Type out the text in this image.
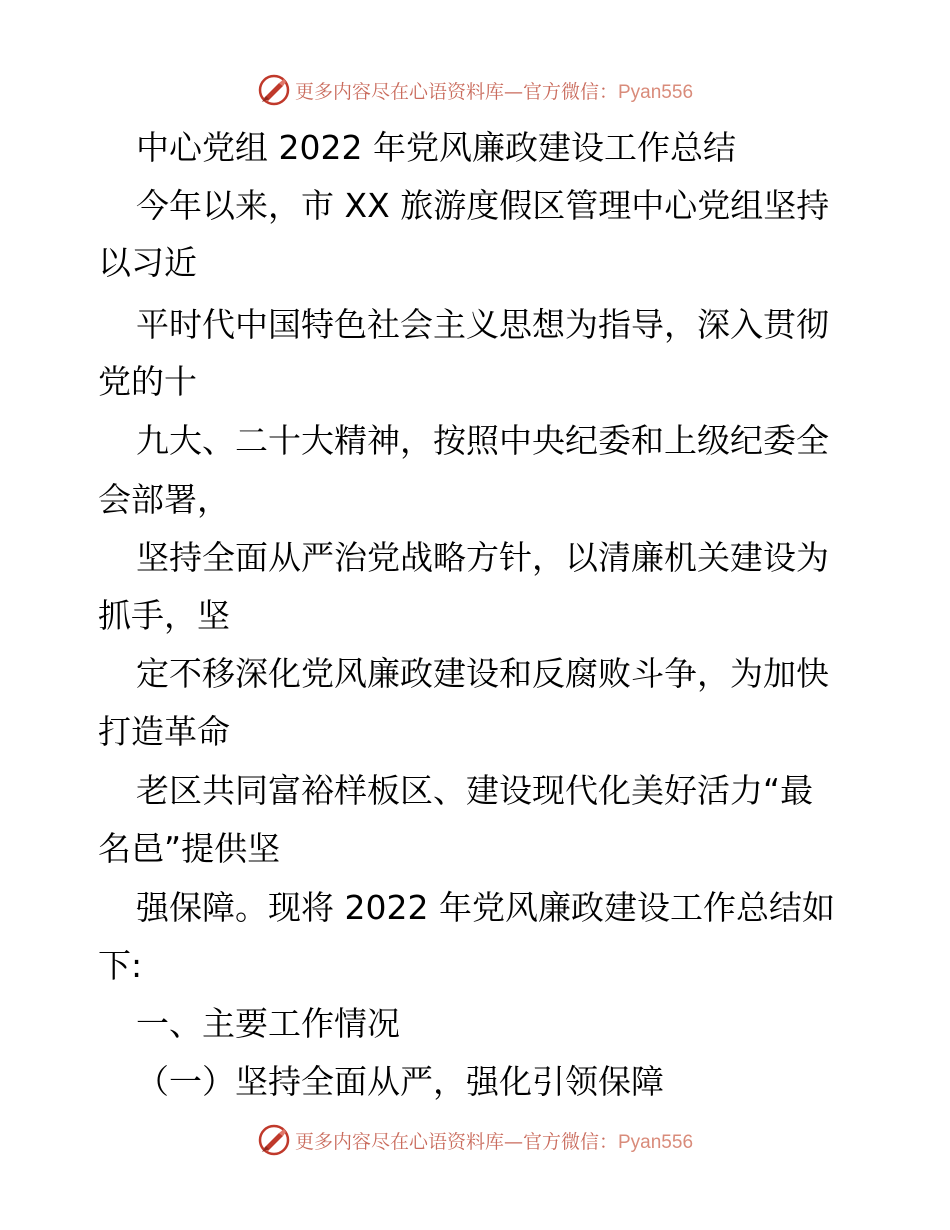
更多内容尽在心语资料库—官方微信：Pyan556
中心党组 2022 年党风廉政建设工作总结
今年以来，市 XX 旅游度假区管理中心党组坚持
以习近
平时代中国特色社会主义思想为指导，深入贯彻
党的十
九大、二十大精神，按照中央纪委和上级纪委全
会部署，
坚持全面从严治党战略方针，以清廉机关建设为
抓手，坚
定不移深化党风廉政建设和反腐败斗争，为加快
打造革命
老区共同富裕样板区、建设现代化美好活力“最
名邑”提供坚
强保障。现将 2022 年党风廉政建设工作总结如
下:
一、主要工作情况
（一）坚持全面从严，强化引领保障
更多内容尽在心语资料库—官方微信：Pyan556
